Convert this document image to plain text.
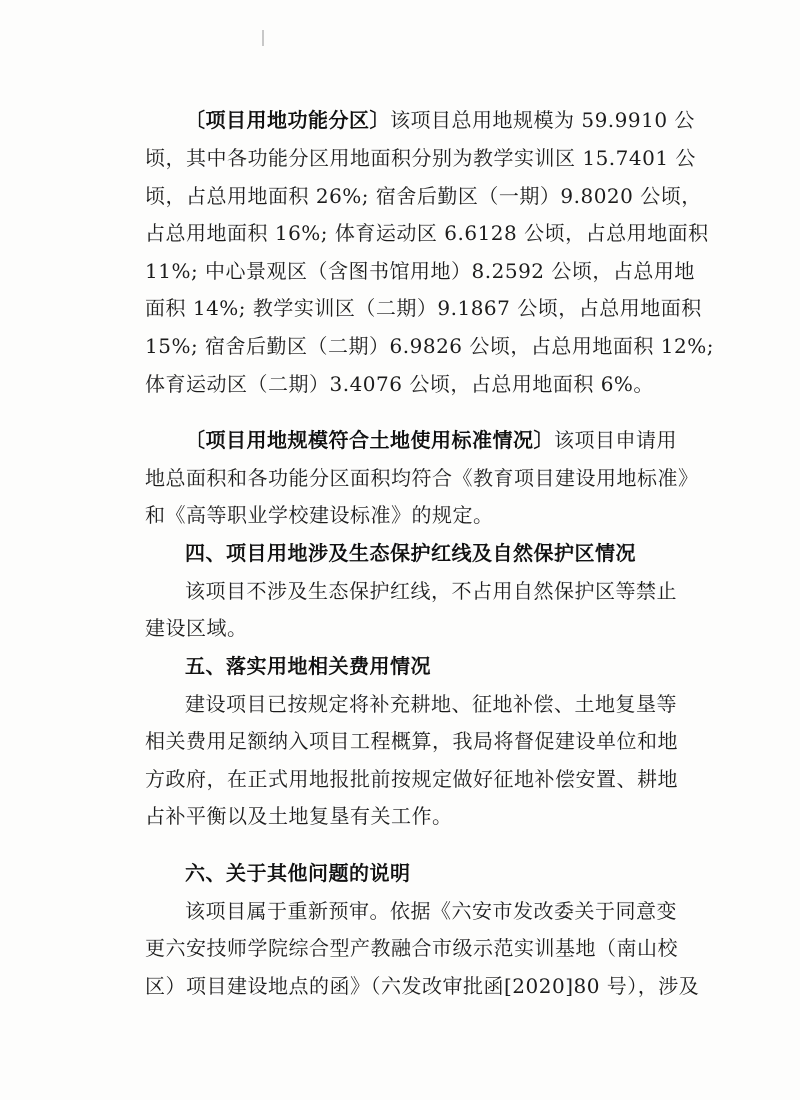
〔项目用地功能分区〕该项目总用地规模为 59.9910 公
顷，其中各功能分区用地面积分别为教学实训区 15.7401 公
顷，占总用地面积 26%; 宿舍后勤区（一期）9.8020 公顷，
占总用地面积 16%; 体育运动区 6.6128 公顷，占总用地面积
11%; 中心景观区（含图书馆用地）8.2592 公顷，占总用地
面积 14%; 教学实训区（二期）9.1867 公顷，占总用地面积
15%; 宿舍后勤区（二期）6.9826 公顷，占总用地面积 12%;
体育运动区（二期）3.4076 公顷，占总用地面积 6%。
〔项目用地规模符合土地使用标准情况〕该项目申请用
地总面积和各功能分区面积均符合《教育项目建设用地标准》
和《高等职业学校建设标准》的规定。
四、项目用地涉及生态保护红线及自然保护区情况
该项目不涉及生态保护红线，不占用自然保护区等禁止
建设区域。
五、落实用地相关费用情况
建设项目已按规定将补充耕地、征地补偿、土地复垦等
相关费用足额纳入项目工程概算，我局将督促建设单位和地
方政府，在正式用地报批前按规定做好征地补偿安置、耕地
占补平衡以及土地复垦有关工作。
六、关于其他问题的说明
该项目属于重新预审。依据《六安市发改委关于同意变
更六安技师学院综合型产教融合市级示范实训基地（南山校
区）项目建设地点的函》（六发改审批函[2020]80 号），涉及
